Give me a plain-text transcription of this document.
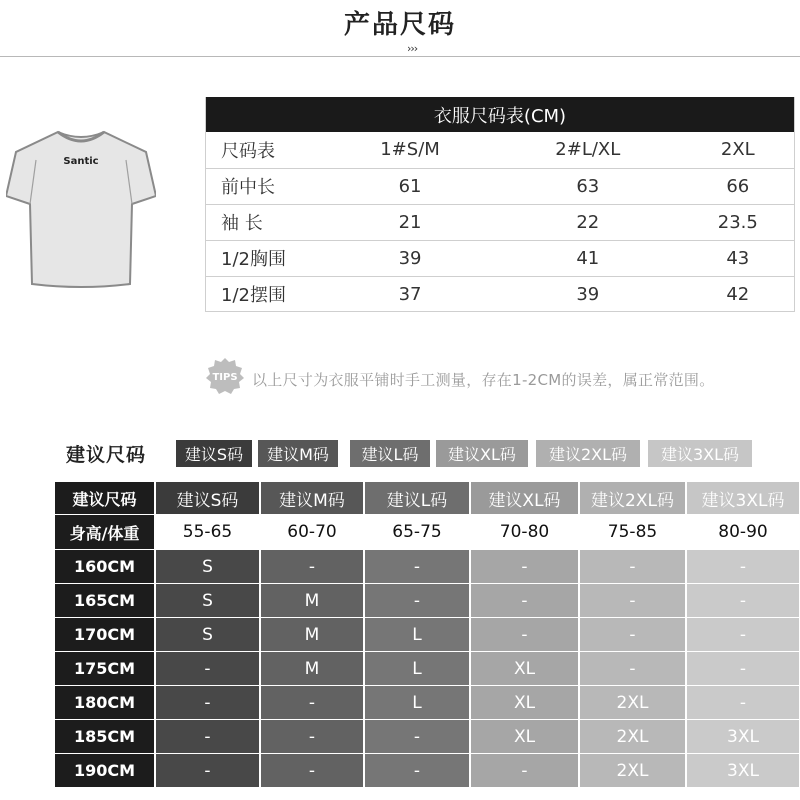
产品尺码
›››
Santic
衣服尺码表(CM)			
尺码表	1#S/M	2#L/XL	2XL
前中长	61	63	66
袖 长	21	22	23.5
1/2胸围	39	41	43
1/2摆围	37	39	42
TIPS 以上尺寸为衣服平铺时手工测量，存在1-2CM的误差，属正常范围。
建议尺码	建议S码	建议M码	建议L码	建议XL码	建议2XL码	建议3XL码
建议尺码	建议S码	建议M码	建议L码	建议XL码	建议2XL码	建议3XL码
身高/体重	55-65	60-70	65-75	70-80	75-85	80-90
160CM	S	-	-	-	-	-
165CM	S	M	-	-	-	-
170CM	S	M	L	-	-	-
175CM	-	M	L	XL	-	-
180CM	-	-	L	XL	2XL	-
185CM	-	-	-	XL	2XL	3XL
190CM	-	-	-	-	2XL	3XL
